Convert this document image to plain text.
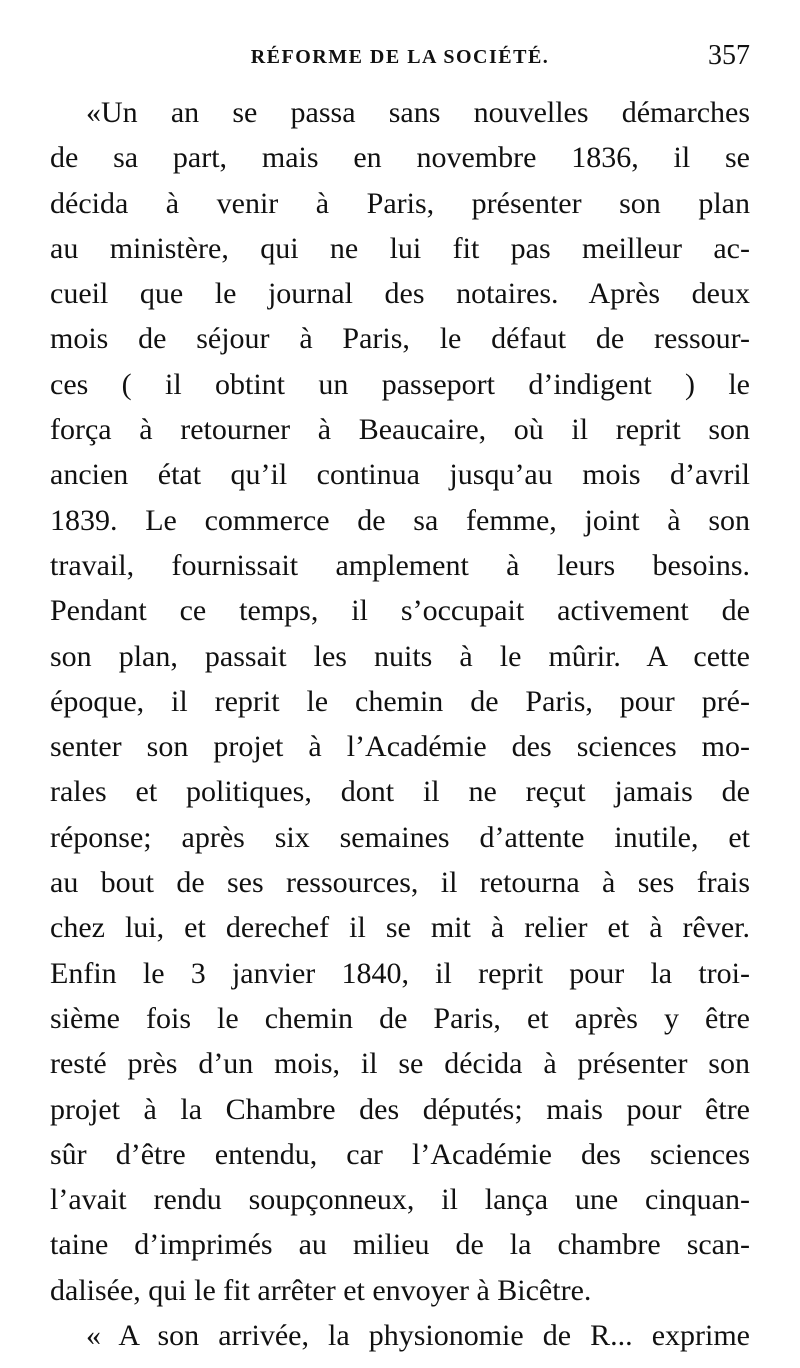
RÉFORME DE LA SOCIÉTÉ.	357
«Un an se passa sans nouvelles démarches
de sa part, mais en novembre 1836, il se
décida à venir à Paris, présenter son plan
au ministère, qui ne lui fit pas meilleur ac-
cueil que le journal des notaires. Après deux
mois de séjour à Paris, le défaut de ressour-
ces ( il obtint un passeport d’indigent ) le
força à retourner à Beaucaire, où il reprit son
ancien état qu’il continua jusqu’au mois d’avril
1839. Le commerce de sa femme, joint à son
travail, fournissait amplement à leurs besoins.
Pendant ce temps, il s’occupait activement de
son plan, passait les nuits à le mûrir. A cette
époque, il reprit le chemin de Paris, pour pré-
senter son projet à l’Académie des sciences mo-
rales et politiques, dont il ne reçut jamais de
réponse; après six semaines d’attente inutile, et
au bout de ses ressources, il retourna à ses frais
chez lui, et derechef il se mit à relier et à rêver.
Enfin le 3 janvier 1840, il reprit pour la troi-
sième fois le chemin de Paris, et après y être
resté près d’un mois, il se décida à présenter son
projet à la Chambre des députés; mais pour être
sûr d’être entendu, car l’Académie des sciences
l’avait rendu soupçonneux, il lança une cinquan-
taine d’imprimés au milieu de la chambre scan-
dalisée, qui le fit arrêter et envoyer à Bicêtre.
« A son arrivée, la physionomie de R... exprime
